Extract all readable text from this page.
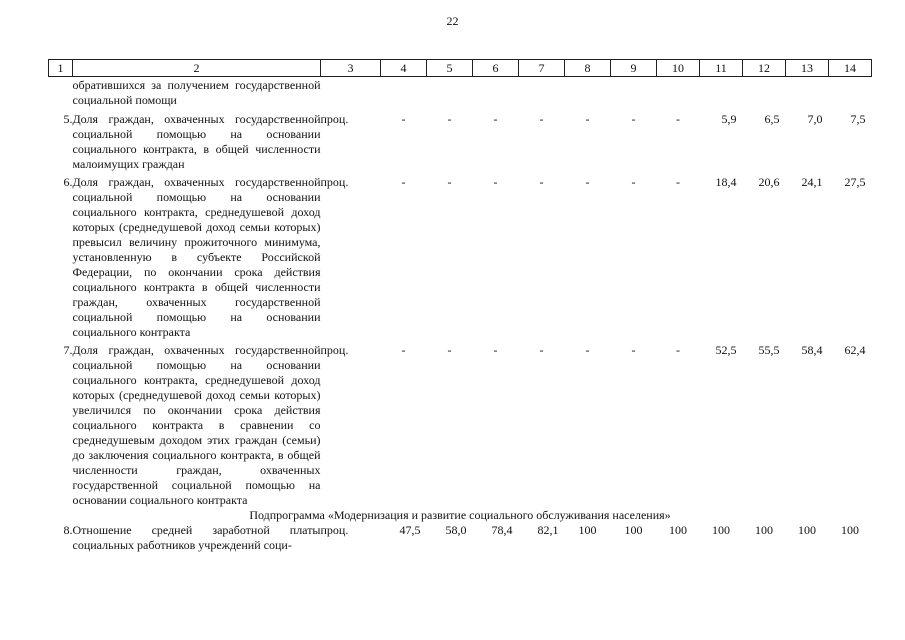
22
1	2	3	4	5	6	7	8	9	10	11	12	13	14
	обратившихся за получением государственной социальной помощи												
5.	Доля граждан, охваченных государственной социальной помощью на основании социального контракта, в общей численности малоимущих граждан	проц.	-	-	-	-	-	-	-	5,9	6,5	7,0	7,5
6.	Доля граждан, охваченных государственной социальной помощью на основании социального контракта, среднедушевой доход которых (среднедушевой доход семьи которых) превысил величину прожиточного минимума, установленную в субъекте Российской Федерации, по окончании срока действия социального контракта в общей численности граждан, охваченных государственной социальной помощью на основании социального контракта	проц.	-	-	-	-	-	-	-	18,4	20,6	24,1	27,5
7.	Доля граждан, охваченных государственной социальной помощью на основании социального контракта, среднедушевой доход которых (среднедушевой доход семьи которых) увеличился по окончании срока действия социального контракта в сравнении со среднедушевым доходом этих граждан (семьи) до заключения социального контракта, в общей численности граждан, охваченных государственной социальной помощью на основании социального контракта	проц.	-	-	-	-	-	-	-	52,5	55,5	58,4	62,4
Подпрограмма «Модернизация и развитие социального обслуживания населения»													
8.	Отношение средней заработной платы социальных работников учреждений соци-	проц.	47,5	58,0	78,4	82,1	100	100	100	100	100	100	100
